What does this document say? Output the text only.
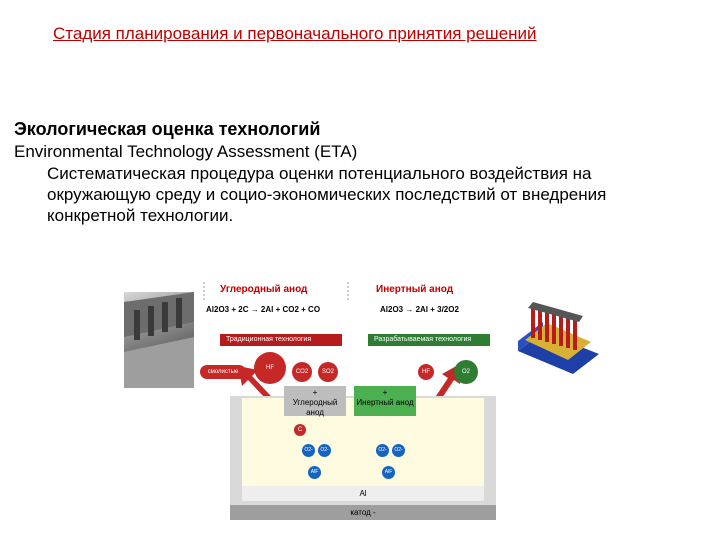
Стадия планирования и первоначального принятия решений
Экологическая оценка технологий
Environmental Technology Assessment (ETA)
Систематическая процедура оценки потенциального воздействия на
окружающую среду и социо-экономических последствий от внедрения
конкретной технологии.
Углеродный анод	Инертный анод
Al2O3 + 2C → 2Al + CO2 + CO	Al2O3 → 2Al + 3/2O2
Традиционная технология	Разрабатываемая технология
смолистые
HF
CO2	SO2	HF	O2
+
Углеродный анод
+
Инертный анод
C
O2-	O2-	O2-	O2-
AlF	AlF
Al
катод -
